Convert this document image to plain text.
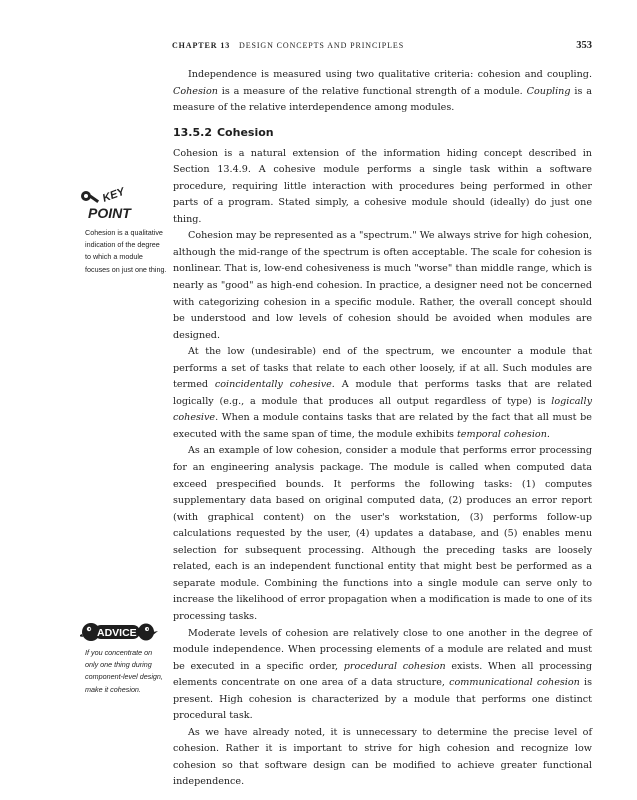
CHAPTER 13 DESIGN CONCEPTS AND PRINCIPLES	353

Independence is measured using two qualitative criteria: cohesion and coupling. Cohesion is a measure of the relative functional strength of a module. Coupling is a measure of the relative interdependence among modules.

13.5.2 Cohesion

Cohesion is a natural extension of the information hiding concept described in Section 13.4.9. A cohesive module performs a single task within a software procedure, requiring little interaction with procedures being performed in other parts of a program. Stated simply, a cohesive module should (ideally) do just one thing.

Cohesion may be represented as a "spectrum." We always strive for high cohesion, although the mid-range of the spectrum is often acceptable. The scale for cohesion is nonlinear. That is, low-end cohesiveness is much "worse" than middle range, which is nearly as "good" as high-end cohesion. In practice, a designer need not be concerned with categorizing cohesion in a specific module. Rather, the overall concept should be understood and low levels of cohesion should be avoided when modules are designed.

At the low (undesirable) end of the spectrum, we encounter a module that performs a set of tasks that relate to each other loosely, if at all. Such modules are termed coincidentally cohesive. A module that performs tasks that are related logically (e.g., a module that produces all output regardless of type) is logically cohesive. When a module contains tasks that are related by the fact that all must be executed with the same span of time, the module exhibits temporal cohesion.

As an example of low cohesion, consider a module that performs error processing for an engineering analysis package. The module is called when computed data exceed prespecified bounds. It performs the following tasks: (1) computes supplementary data based on original computed data, (2) produces an error report (with graphical content) on the user's workstation, (3) performs follow-up calculations requested by the user, (4) updates a database, and (5) enables menu selection for subsequent processing. Although the preceding tasks are loosely related, each is an independent functional entity that might best be performed as a separate module. Combining the functions into a single module can serve only to increase the likelihood of error propagation when a modification is made to one of its processing tasks.

Moderate levels of cohesion are relatively close to one another in the degree of module independence. When processing elements of a module are related and must be executed in a specific order, procedural cohesion exists. When all processing elements concentrate on one area of a data structure, communicational cohesion is present. High cohesion is characterized by a module that performs one distinct procedural task.

As we have already noted, it is unnecessary to determine the precise level of cohesion. Rather it is important to strive for high cohesion and recognize low cohesion so that software design can be modified to achieve greater functional independence.

KEY
POINT
Cohesion is a qualitative indication of the degree to which a module focuses on just one thing.
ADVICE
If you concentrate on only one thing during component-level design, make it cohesion.
